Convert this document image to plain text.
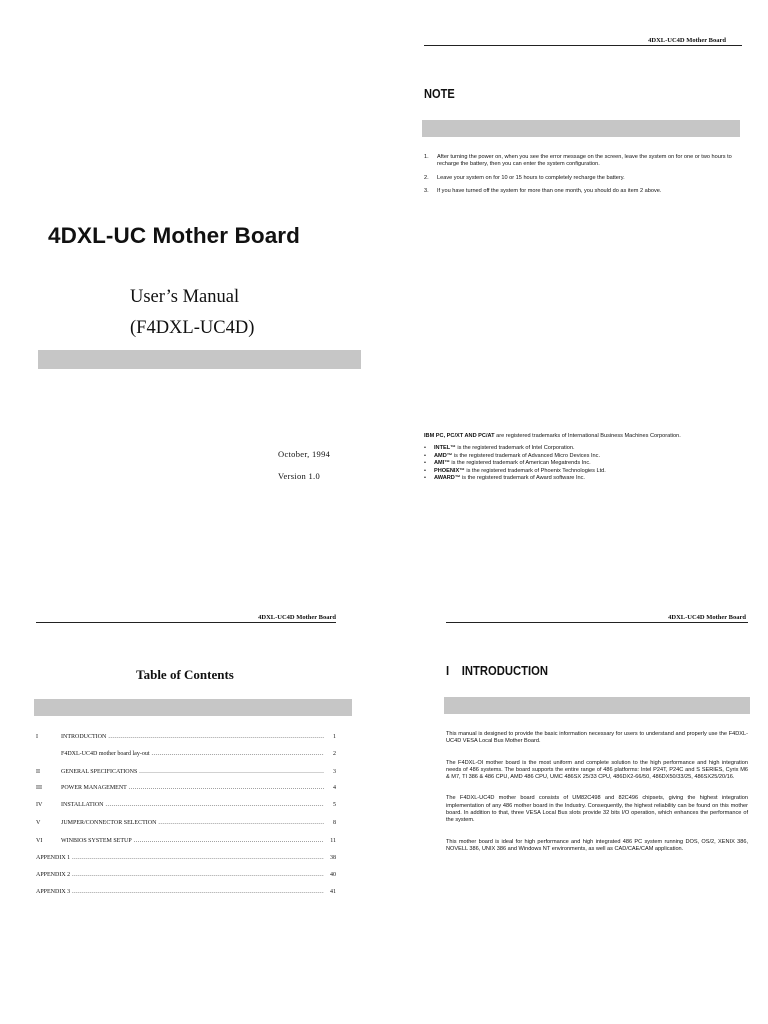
4DXL-UC Mother Board
User’s Manual
(F4DXL-UC4D)
October, 1994
Version 1.0
4DXL-UC4D Mother Board
NOTE
1. After turning the power on, when you see the error message on the screen, leave the system on for one or two hours to recharge the battery, then you can enter the system configuration.
2. Leave your system on for 10 or 15 hours to completely recharge the battery.
3. If you have turned off the system for more than one month, you should do as item 2 above.

IBM PC, PC/XT AND PC/AT are registered trademarks of International Business Machines Corporation.

• INTEL™ is the registered trademark of Intel Corporation.
• AMD™ is the registered trademark of Advanced Micro Devices Inc.
• AMI™ is the registered trademark of American Megatrends Inc.
• PHOENIX™ is the registered trademark of Phoenix Technologies Ltd.
• AWARD™ is the registered trademark of Award software Inc.
4DXL-UC4D Mother Board
Table of Contents
I	INTRODUCTION .....	1
F4DXL-UC4D mother board lay-out .....	2
II	GENERAL SPECIFICATIONS .....	3
III	POWER MANAGEMENT .....	4
IV	INSTALLATION .....	5
V	JUMPER/CONNECTOR SELECTION .....	8
VI	WINBIOS SYSTEM SETUP .....	11
APPENDIX 1 .....	38
APPENDIX 2 .....	40
APPENDIX 3 .....	41
4DXL-UC4D Mother Board
I INTRODUCTION

This manual is designed to provide the basic information necessary for users to understand and properly use the F4DXL-UC4D VESA Local Bus Mother Board.

The F4DXL-OI mother board is the most uniform and complete solution to the high performance and high integration needs of 486 systems. The board supports the entire range of 486 platforms: Intel P24T, P24C and S SERIES, Cyrix M6 & M7, TI 386 & 486 CPU, AMD 486 CPU, UMC 486SX 25/33 CPU, 486DX2-66/50, 486DX50/33/25, 486SX25/20/16.

The F4DXL-UC4D mother board consists of UM82C498 and 82C496 chipsets, giving the highest integration implementation of any 486 mother board in the Industry. Consequently, the highest reliability can be found on this mother board. In addition to that, three VESA Local Bus slots provide 32 bits I/O operation, which enhances the performance of the system.

This mother board is ideal for high performance and high integrated 486 PC system running DOS, OS/2, XENIX 386, NOVELL 386, UNIX 386 and Windows NT environments, as well as CAD/CAE/CAM application.
